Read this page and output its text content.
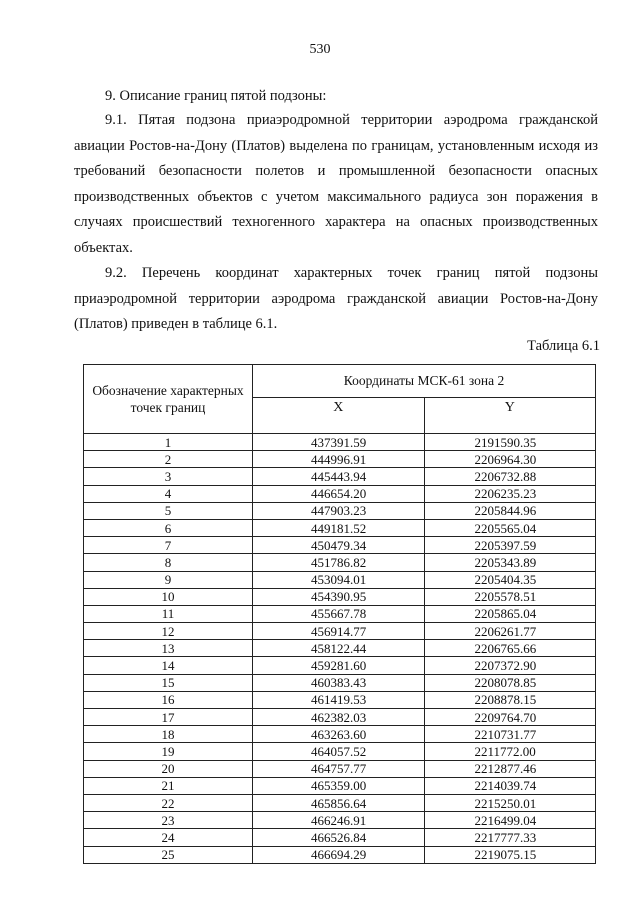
530
9. Описание границ пятой подзоны:

9.1. Пятая подзона приаэродромной территории аэродрома гражданской авиации Ростов-на-Дону (Платов) выделена по границам, установленным исходя из требований безопасности полетов и промышленной безопасности опасных производственных объектов с учетом максимального радиуса зон поражения в случаях происшествий техногенного характера на опасных производственных объектах.

9.2. Перечень координат характерных точек границ пятой подзоны приаэродромной территории аэродрома гражданской авиации Ростов-на-Дону (Платов) приведен в таблице 6.1.

Таблица 6.1
Обозначение характерных точек границ	Координаты МСК-61 зона 2	
	X	Y
1	437391.59	2191590.35
2	444996.91	2206964.30
3	445443.94	2206732.88
4	446654.20	2206235.23
5	447903.23	2205844.96
6	449181.52	2205565.04
7	450479.34	2205397.59
8	451786.82	2205343.89
9	453094.01	2205404.35
10	454390.95	2205578.51
11	455667.78	2205865.04
12	456914.77	2206261.77
13	458122.44	2206765.66
14	459281.60	2207372.90
15	460383.43	2208078.85
16	461419.53	2208878.15
17	462382.03	2209764.70
18	463263.60	2210731.77
19	464057.52	2211772.00
20	464757.77	2212877.46
21	465359.00	2214039.74
22	465856.64	2215250.01
23	466246.91	2216499.04
24	466526.84	2217777.33
25	466694.29	2219075.15
